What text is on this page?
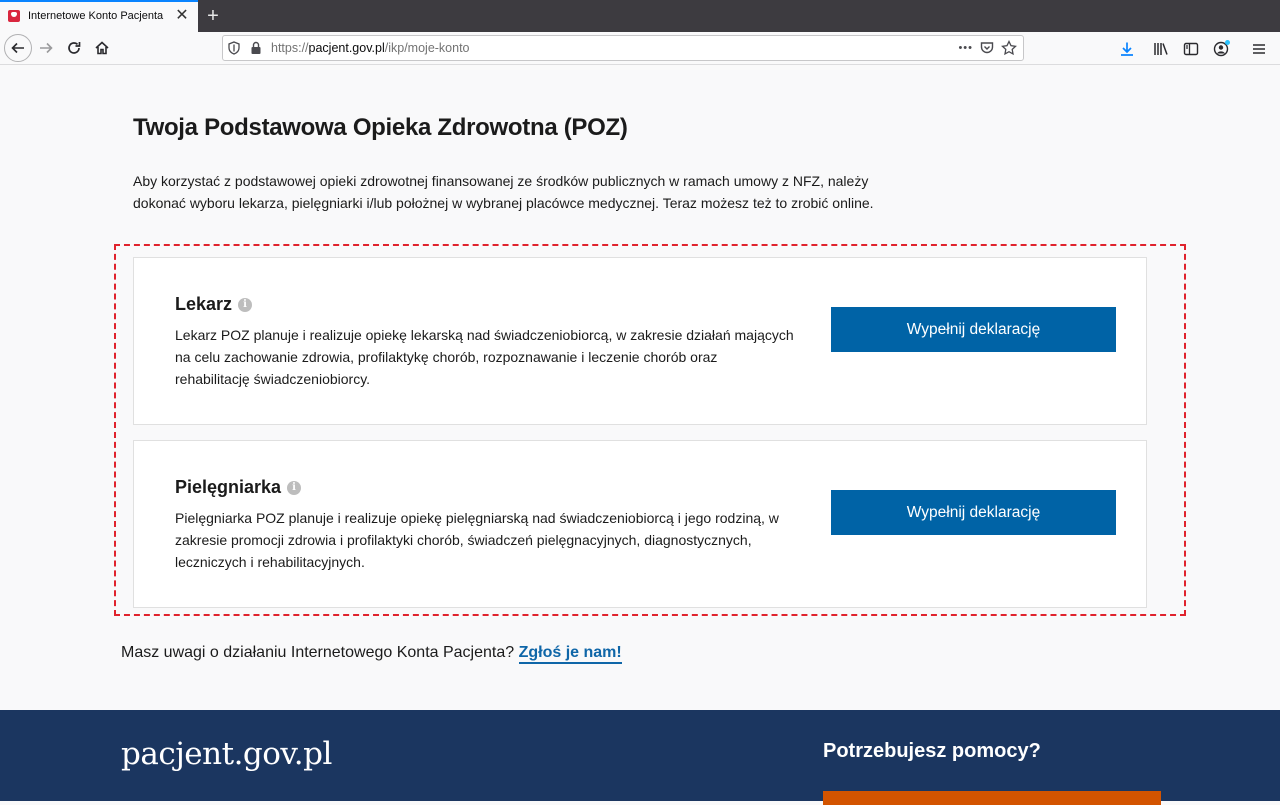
Internetowe Konto Pacjenta ✕ +
https://pacjent.gov.pl/ikp/moje-konto	•••
Twoja Podstawowa Opieka Zdrowotna (POZ)

Aby korzystać z podstawowej opieki zdrowotnej finansowanej ze środków publicznych w ramach umowy z NFZ, należy dokonać wyboru lekarza, pielęgniarki i/lub położnej w wybranej placówce medycznej. Teraz możesz też to zrobić online.

Lekarz	i

Lekarz POZ planuje i realizuje opiekę lekarską nad świadczeniobiorcą, w zakresie działań mających na celu zachowanie zdrowia, profilaktykę chorób, rozpoznawanie i leczenie chorób oraz rehabilitację świadczeniobiorcy.

Wypełnij deklarację
Pielęgniarka	i

Pielęgniarka POZ planuje i realizuje opiekę pielęgniarską nad świadczeniobiorcą i jego rodziną, w zakresie promocji zdrowia i profilaktyki chorób, świadczeń pielęgnacyjnych, diagnostycznych, leczniczych i rehabilitacyjnych.

Wypełnij deklarację
Masz uwagi o działaniu Internetowego Konta Pacjenta? Zgłoś je nam!
pacjent.gov.pl	Potrzebujesz pomocy?
